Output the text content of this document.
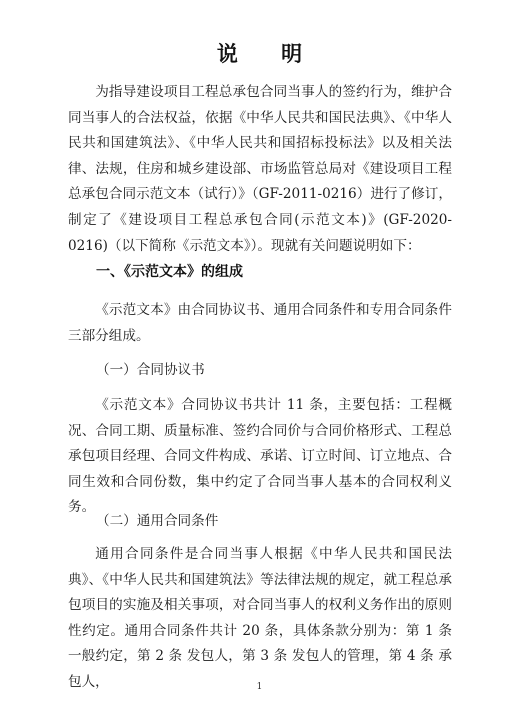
说 明

为指导建设项目工程总承包合同当事人的签约行为，维护合同当事人的合法权益，依据《中华人民共和国民法典》、《中华人民共和国建筑法》、《中华人民共和国招标投标法》以及相关法律、法规，住房和城乡建设部、市场监管总局对《建设项目工程总承包合同示范文本（试行）》（GF-2011-0216）进行了修订，制定了《建设项目工程总承包合同(示范文本)》(GF-2020-0216)（以下简称《示范文本》）。现就有关问题说明如下：

一、《示范文本》的组成

《示范文本》由合同协议书、通用合同条件和专用合同条件三部分组成。

（一）合同协议书

《示范文本》合同协议书共计 11 条，主要包括：工程概况、合同工期、质量标准、签约合同价与合同价格形式、工程总承包项目经理、合同文件构成、承诺、订立时间、订立地点、合同生效和合同份数，集中约定了合同当事人基本的合同权利义务。

（二）通用合同条件

通用合同条件是合同当事人根据《中华人民共和国民法典》、《中华人民共和国建筑法》等法律法规的规定，就工程总承包项目的实施及相关事项，对合同当事人的权利义务作出的原则性约定。通用合同条件共计 20 条，具体条款分别为：第 1 条 一般约定，第 2 条 发包人，第 3 条 发包人的管理，第 4 条 承包人，	1
